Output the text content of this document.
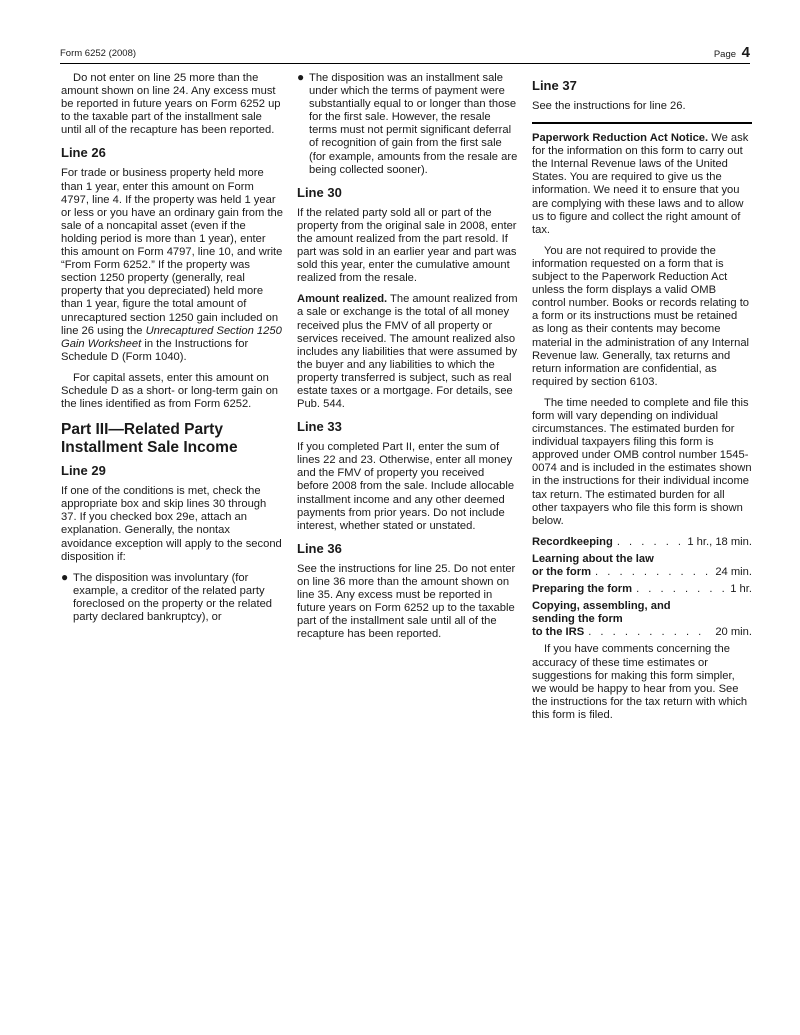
Form 6252 (2008)	Page 4

Do not enter on line 25 more than the amount shown on line 24. Any excess must be reported in future years on Form 6252 up to the taxable part of the installment sale until all of the recapture has been reported.

Line 26

For trade or business property held more than 1 year, enter this amount on Form 4797, line 4. If the property was held 1 year or less or you have an ordinary gain from the sale of a noncapital asset (even if the holding period is more than 1 year), enter this amount on Form 4797, line 10, and write “From Form 6252.” If the property was section 1250 property (generally, real property that you depreciated) held more than 1 year, figure the total amount of unrecaptured section 1250 gain included on line 26 using the Unrecaptured Section 1250 Gain Worksheet in the Instructions for Schedule D (Form 1040).

For capital assets, enter this amount on Schedule D as a short- or long-term gain on the lines identified as from Form 6252.

Part III—Related Party Installment Sale Income
Line 29

If one of the conditions is met, check the appropriate box and skip lines 30 through 37. If you checked box 29e, attach an explanation. Generally, the nontax avoidance exception will apply to the second disposition if:

● The disposition was involuntary (for example, a creditor of the related party foreclosed on the property or the related party declared bankruptcy), or

● The disposition was an installment sale under which the terms of payment were substantially equal to or longer than those for the first sale. However, the resale terms must not permit significant deferral of recognition of gain from the first sale (for example, amounts from the resale are being collected sooner).

Line 30

If the related party sold all or part of the property from the original sale in 2008, enter the amount realized from the part resold. If part was sold in an earlier year and part was sold this year, enter the cumulative amount realized from the resale.

Amount realized. The amount realized from a sale or exchange is the total of all money received plus the FMV of all property or services received. The amount realized also includes any liabilities that were assumed by the buyer and any liabilities to which the property transferred is subject, such as real estate taxes or a mortgage. For details, see Pub. 544.

Line 33

If you completed Part II, enter the sum of lines 22 and 23. Otherwise, enter all money and the FMV of property you received before 2008 from the sale. Include allocable installment income and any other deemed payments from prior years. Do not include interest, whether stated or unstated.

Line 36

See the instructions for line 25. Do not enter on line 36 more than the amount shown on line 35. Any excess must be reported in future years on Form 6252 up to the taxable part of the installment sale until all of the recapture has been reported.

Line 37

See the instructions for line 26.

Paperwork Reduction Act Notice. We ask for the information on this form to carry out the Internal Revenue laws of the United States. You are required to give us the information. We need it to ensure that you are complying with these laws and to allow us to figure and collect the right amount of tax.

You are not required to provide the information requested on a form that is subject to the Paperwork Reduction Act unless the form displays a valid OMB control number. Books or records relating to a form or its instructions must be retained as long as their contents may become material in the administration of any Internal Revenue law. Generally, tax returns and return information are confidential, as required by section 6103.

The time needed to complete and file this form will vary depending on individual circumstances. The estimated burden for individual taxpayers filing this form is approved under OMB control number 1545-0074 and is included in the estimates shown in the instructions for their individual income tax return. The estimated burden for all other taxpayers who file this form is shown below.

Recordkeeping . . .	1 hr., 18 min.
Learning about the law
or the form . . .	24 min.
Preparing the form . . .	1 hr.
Copying, assembling, and
sending the form
to the IRS . . .	20 min.

If you have comments concerning the accuracy of these time estimates or suggestions for making this form simpler, we would be happy to hear from you. See the instructions for the tax return with which this form is filed.
